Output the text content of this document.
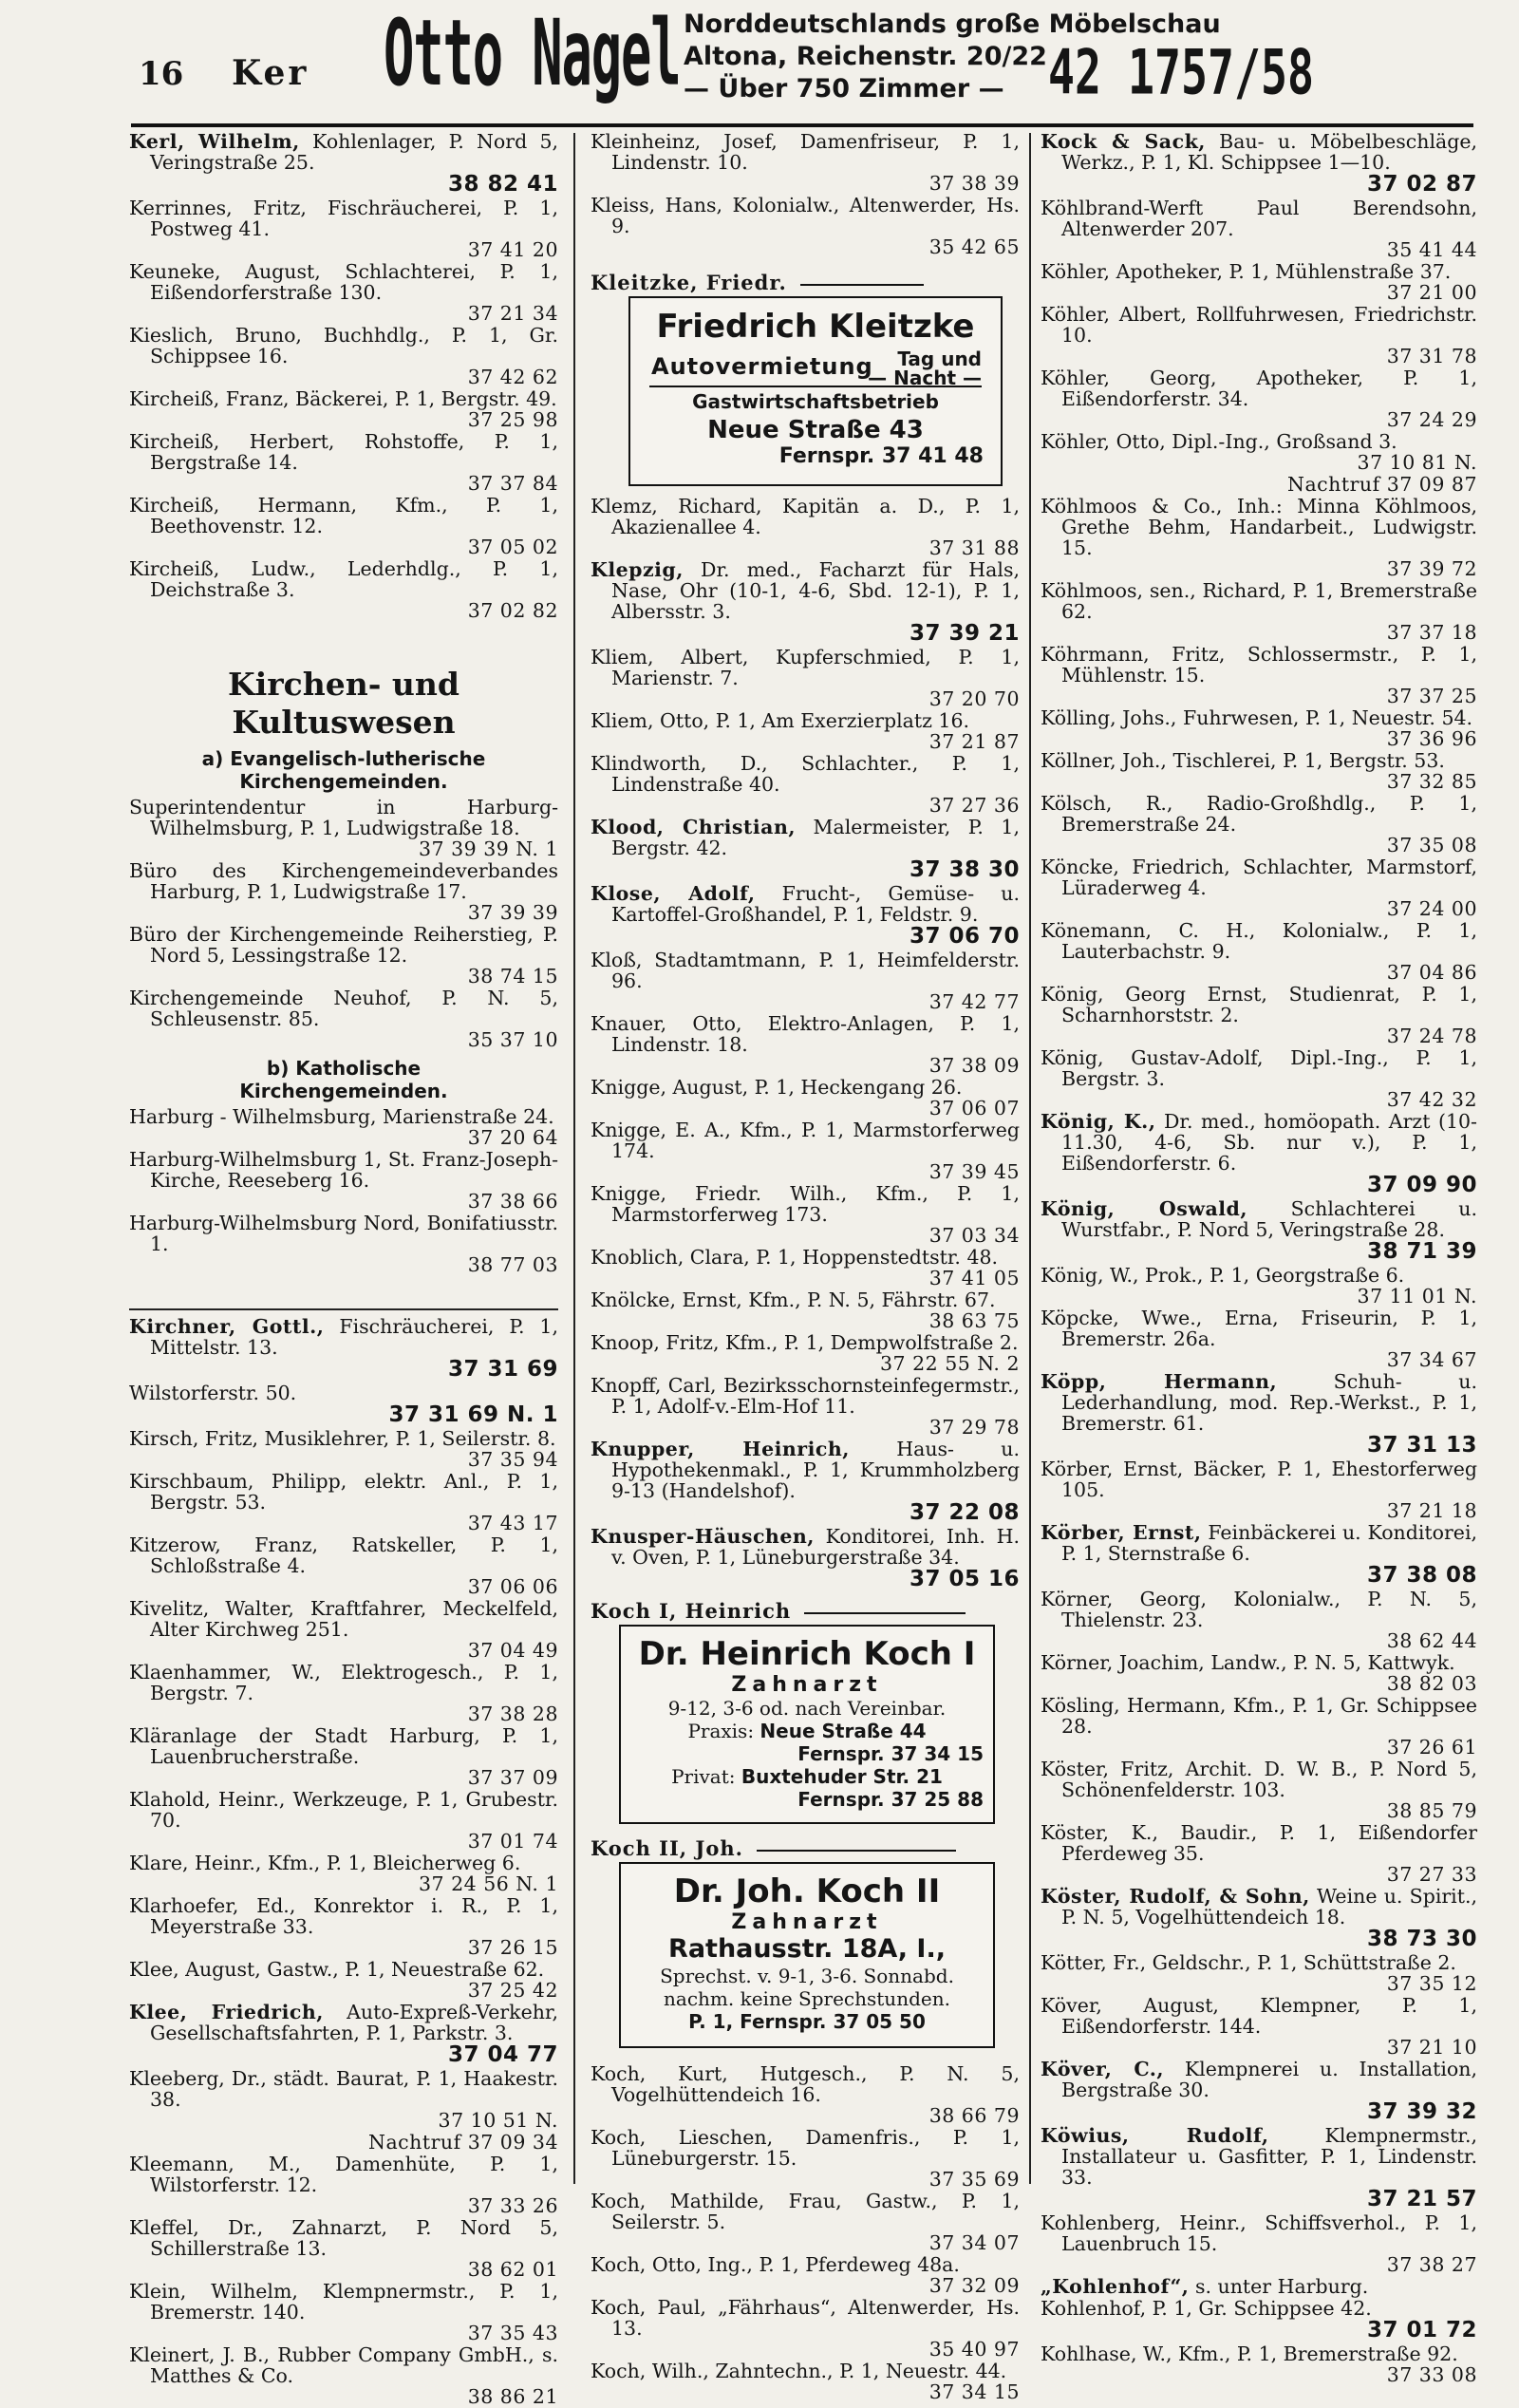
16 Ker Otto Nagel Norddeutschlands große Möbelschau
Altona, Reichenstr. 20/22
— Über 750 Zimmer — 42 1757/58
Kerl, Wilhelm, Kohlenlager, P. Nord 5, Veringstraße 25.
38 82 41
Kerrinnes, Fritz, Fischräucherei, P. 1, Postweg 41.
37 41 20
Keuneke, August, Schlachterei, P. 1, Eißendorferstraße 130.
37 21 34
Kieslich, Bruno, Buchhdlg., P. 1, Gr. Schippsee 16.
37 42 62
Kircheiß, Franz, Bäckerei, P. 1, Bergstr. 49.
37 25 98
Kircheiß, Herbert, Rohstoffe, P. 1, Bergstraße 14.
37 37 84
Kircheiß, Hermann, Kfm., P. 1, Beethovenstr. 12.
37 05 02
Kircheiß, Ludw., Lederhdlg., P. 1, Deichstraße 3.
37 02 82
Kirchen- und
Kultuswesen
a) Evangelisch-lutherische
Kirchengemeinden.
Superintendentur in Harburg-Wilhelmsburg, P. 1, Ludwigstraße 18.
37 39 39 N. 1
Büro des Kirchengemeindeverbandes Harburg, P. 1, Ludwigstraße 17.
37 39 39
Büro der Kirchengemeinde Reiherstieg, P. Nord 5, Lessingstraße 12.
38 74 15
Kirchengemeinde Neuhof, P. N. 5, Schleusenstr. 85.
35 37 10
b) Katholische
Kirchengemeinden.
Harburg - Wilhelmsburg, Marienstraße 24.
37 20 64
Harburg-Wilhelmsburg 1, St. Franz-Joseph-Kirche, Reeseberg 16.
37 38 66
Harburg-Wilhelmsburg Nord, Bonifatiusstr. 1.
38 77 03
Kirchner, Gottl., Fischräucherei, P. 1, Mittelstr. 13.
37 31 69
Wilstorferstr. 50.
37 31 69 N. 1
Kirsch, Fritz, Musiklehrer, P. 1, Seilerstr. 8.
37 35 94
Kirschbaum, Philipp, elektr. Anl., P. 1, Bergstr. 53.
37 43 17
Kitzerow, Franz, Ratskeller, P. 1, Schloßstraße 4.
37 06 06
Kivelitz, Walter, Kraftfahrer, Meckelfeld, Alter Kirchweg 251.
37 04 49
Klaenhammer, W., Elektrogesch., P. 1, Bergstr. 7.
37 38 28
Kläranlage der Stadt Harburg, P. 1, Lauenbrucherstraße.
37 37 09
Klahold, Heinr., Werkzeuge, P. 1, Grubestr. 70.
37 01 74
Klare, Heinr., Kfm., P. 1, Bleicherweg 6.
37 24 56 N. 1
Klarhoefer, Ed., Konrektor i. R., P. 1, Meyerstraße 33.
37 26 15
Klee, August, Gastw., P. 1, Neuestraße 62.
37 25 42
Klee, Friedrich, Auto-Expreß-Verkehr, Gesellschaftsfahrten, P. 1, Parkstr. 3.
37 04 77
Kleeberg, Dr., städt. Baurat, P. 1, Haakestr. 38.
37 10 51 N.
Nachtruf 37 09 34
Kleemann, M., Damenhüte, P. 1, Wilstorferstr. 12.
37 33 26
Kleffel, Dr., Zahnarzt, P. Nord 5, Schillerstraße 13.
38 62 01
Klein, Wilhelm, Klempnermstr., P. 1, Bremerstr. 140.
37 35 43
Kleinert, J. B., Rubber Company GmbH., s. Matthes & Co.
38 86 21
Kleinheinz, Josef, Damenfriseur, P. 1, Lindenstr. 10.
37 38 39
Kleiss, Hans, Kolonialw., Altenwerder, Hs. 9.
35 42 65
Kleitzke, Friedr.
Friedrich Kleitzke
Autovermietung Tag und
— Nacht —
Gastwirtschaftsbetrieb
Neue Straße 43
Fernspr. 37 41 48
Klemz, Richard, Kapitän a. D., P. 1, Akazienallee 4.
37 31 88
Klepzig, Dr. med., Facharzt für Hals, Nase, Ohr (10-1, 4-6, Sbd. 12-1), P. 1, Albersstr. 3.
37 39 21
Kliem, Albert, Kupferschmied, P. 1, Marienstr. 7.
37 20 70
Kliem, Otto, P. 1, Am Exerzierplatz 16.
37 21 87
Klindworth, D., Schlachter., P. 1, Lindenstraße 40.
37 27 36
Klood, Christian, Malermeister, P. 1, Bergstr. 42.
37 38 30
Klose, Adolf, Frucht-, Gemüse- u. Kartoffel-Großhandel, P. 1, Feldstr. 9.
37 06 70
Kloß, Stadtamtmann, P. 1, Heimfelderstr. 96.
37 42 77
Knauer, Otto, Elektro-Anlagen, P. 1, Lindenstr. 18.
37 38 09
Knigge, August, P. 1, Heckengang 26.
37 06 07
Knigge, E. A., Kfm., P. 1, Marmstorferweg 174.
37 39 45
Knigge, Friedr. Wilh., Kfm., P. 1, Marmstorferweg 173.
37 03 34
Knoblich, Clara, P. 1, Hoppenstedtstr. 48.
37 41 05
Knölcke, Ernst, Kfm., P. N. 5, Fährstr. 67.
38 63 75
Knoop, Fritz, Kfm., P. 1, Dempwolfstraße 2.
37 22 55 N. 2
Knopff, Carl, Bezirksschornsteinfegermstr., P. 1, Adolf-v.-Elm-Hof 11.
37 29 78
Knupper, Heinrich, Haus- u. Hypothekenmakl., P. 1, Krummholzberg 9-13 (Handelshof).
37 22 08
Knusper-Häuschen, Konditorei, Inh. H. v. Oven, P. 1, Lüneburgerstraße 34.
37 05 16
Koch I, Heinrich
Dr. Heinrich Koch I
Zahnarzt
9-12, 3-6 od. nach Vereinbar.
Praxis: Neue Straße 44
Fernspr. 37 34 15
Privat: Buxtehuder Str. 21
Fernspr. 37 25 88
Koch II, Joh.
Dr. Joh. Koch II
Zahnarzt
Rathausstr. 18A, I.,
Sprechst. v. 9-1, 3-6. Sonnabd.
nachm. keine Sprechstunden.
P. 1, Fernspr. 37 05 50
Koch, Kurt, Hutgesch., P. N. 5, Vogelhüttendeich 16.
38 66 79
Koch, Lieschen, Damenfris., P. 1, Lüneburgerstr. 15.
37 35 69
Koch, Mathilde, Frau, Gastw., P. 1, Seilerstr. 5.
37 34 07
Koch, Otto, Ing., P. 1, Pferdeweg 48a.
37 32 09
Koch, Paul, „Fährhaus“, Altenwerder, Hs. 13.
35 40 97
Koch, Wilh., Zahntechn., P. 1, Neuestr. 44.
37 34 15
Kock & Sack, Bau- u. Möbelbeschläge, Werkz., P. 1, Kl. Schippsee 1—10.
37 02 87
Köhlbrand-Werft Paul Berendsohn, Altenwerder 207.
35 41 44
Köhler, Apotheker, P. 1, Mühlenstraße 37.
37 21 00
Köhler, Albert, Rollfuhrwesen, Friedrichstr. 10.
37 31 78
Köhler, Georg, Apotheker, P. 1, Eißendorferstr. 34.
37 24 29
Köhler, Otto, Dipl.-Ing., Großsand 3.
37 10 81 N.
Nachtruf 37 09 87
Köhlmoos & Co., Inh.: Minna Köhlmoos, Grethe Behm, Handarbeit., Ludwigstr. 15.
37 39 72
Köhlmoos, sen., Richard, P. 1, Bremerstraße 62.
37 37 18
Köhrmann, Fritz, Schlossermstr., P. 1, Mühlenstr. 15.
37 37 25
Kölling, Johs., Fuhrwesen, P. 1, Neuestr. 54.
37 36 96
Köllner, Joh., Tischlerei, P. 1, Bergstr. 53.
37 32 85
Kölsch, R., Radio-Großhdlg., P. 1, Bremerstraße 24.
37 35 08
Köncke, Friedrich, Schlachter, Marmstorf, Lüraderweg 4.
37 24 00
Könemann, C. H., Kolonialw., P. 1, Lauterbachstr. 9.
37 04 86
König, Georg Ernst, Studienrat, P. 1, Scharnhorststr. 2.
37 24 78
König, Gustav-Adolf, Dipl.-Ing., P. 1, Bergstr. 3.
37 42 32
König, K., Dr. med., homöopath. Arzt (10-11.30, 4-6, Sb. nur v.), P. 1, Eißendorferstr. 6.
37 09 90
König, Oswald, Schlachterei u. Wurstfabr., P. Nord 5, Veringstraße 28.
38 71 39
König, W., Prok., P. 1, Georgstraße 6.
37 11 01 N.
Köpcke, Wwe., Erna, Friseurin, P. 1, Bremerstr. 26a.
37 34 67
Köpp, Hermann, Schuh- u. Lederhandlung, mod. Rep.-Werkst., P. 1, Bremerstr. 61.
37 31 13
Körber, Ernst, Bäcker, P. 1, Ehestorferweg 105.
37 21 18
Körber, Ernst, Feinbäckerei u. Konditorei, P. 1, Sternstraße 6.
37 38 08
Körner, Georg, Kolonialw., P. N. 5, Thielenstr. 23.
38 62 44
Körner, Joachim, Landw., P. N. 5, Kattwyk.
38 82 03
Kösling, Hermann, Kfm., P. 1, Gr. Schippsee 28.
37 26 61
Köster, Fritz, Archit. D. W. B., P. Nord 5, Schönenfelderstr. 103.
38 85 79
Köster, K., Baudir., P. 1, Eißendorfer Pferdeweg 35.
37 27 33
Köster, Rudolf, & Sohn, Weine u. Spirit., P. N. 5, Vogelhüttendeich 18.
38 73 30
Kötter, Fr., Geldschr., P. 1, Schüttstraße 2.
37 35 12
Köver, August, Klempner, P. 1, Eißendorferstr. 144.
37 21 10
Köver, C., Klempnerei u. Installation, Bergstraße 30.
37 39 32
Köwius, Rudolf, Klempnermstr., Installateur u. Gasfitter, P. 1, Lindenstr. 33.
37 21 57
Kohlenberg, Heinr., Schiffsverhol., P. 1, Lauenbruch 15.
37 38 27
„Kohlenhof“, s. unter Harburg.
Kohlenhof, P. 1, Gr. Schippsee 42.
37 01 72
Kohlhase, W., Kfm., P. 1, Bremerstraße 92.
37 33 08
